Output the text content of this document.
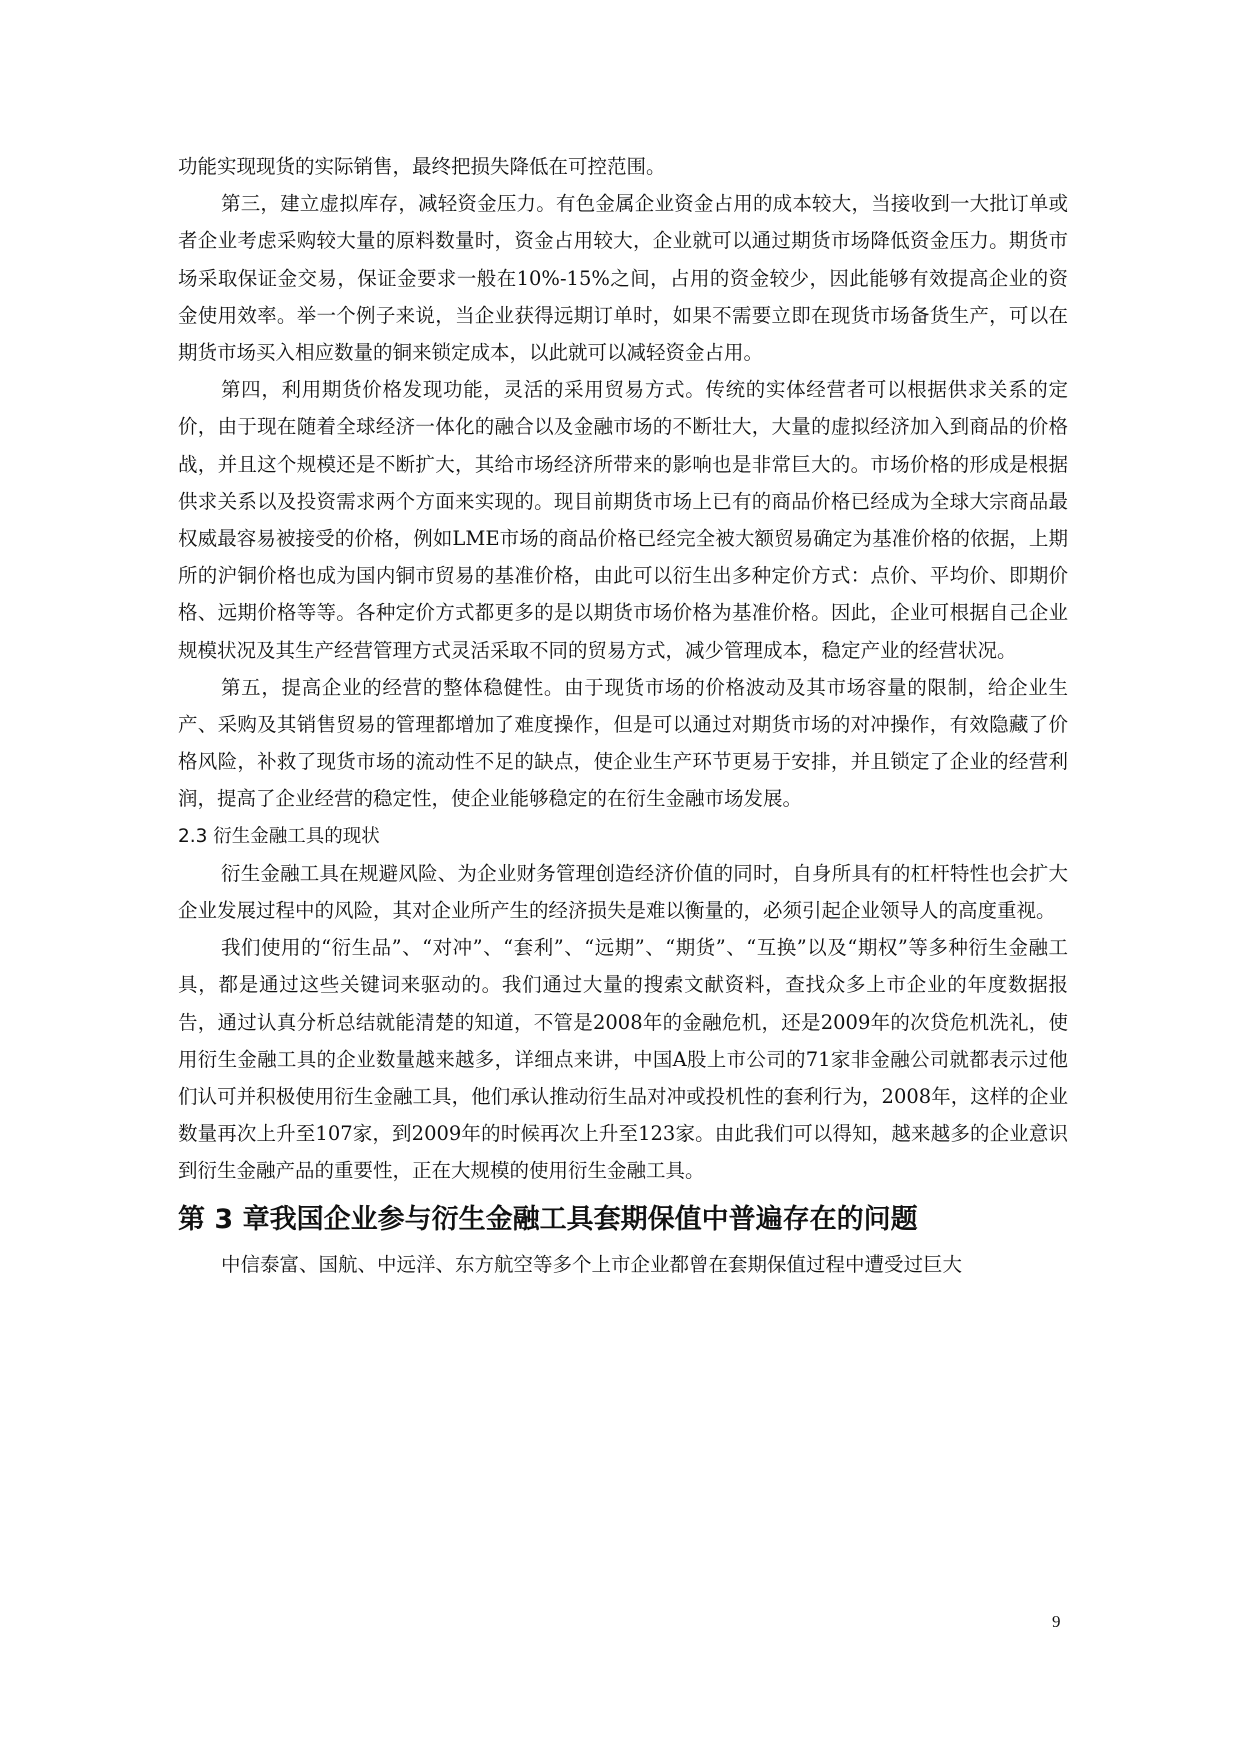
功能实现现货的实际销售，最终把损失降低在可控范围。

第三，建立虚拟库存，减轻资金压力。有色金属企业资金占用的成本较大，当接收到一大批订单或者企业考虑采购较大量的原料数量时，资金占用较大，企业就可以通过期货市场降低资金压力。期货市场采取保证金交易，保证金要求一般在10%-15%之间，占用的资金较少，因此能够有效提高企业的资金使用效率。举一个例子来说，当企业获得远期订单时，如果不需要立即在现货市场备货生产，可以在期货市场买入相应数量的铜来锁定成本，以此就可以减轻资金占用。

第四，利用期货价格发现功能，灵活的采用贸易方式。传统的实体经营者可以根据供求关系的定价，由于现在随着全球经济一体化的融合以及金融市场的不断壮大，大量的虚拟经济加入到商品的价格战，并且这个规模还是不断扩大，其给市场经济所带来的影响也是非常巨大的。市场价格的形成是根据供求关系以及投资需求两个方面来实现的。现目前期货市场上已有的商品价格已经成为全球大宗商品最权威最容易被接受的价格，例如LME市场的商品价格已经完全被大额贸易确定为基准价格的依据，上期所的沪铜价格也成为国内铜市贸易的基准价格，由此可以衍生出多种定价方式：点价、平均价、即期价格、远期价格等等。各种定价方式都更多的是以期货市场价格为基准价格。因此，企业可根据自己企业规模状况及其生产经营管理方式灵活采取不同的贸易方式，减少管理成本，稳定产业的经营状况。

第五，提高企业的经营的整体稳健性。由于现货市场的价格波动及其市场容量的限制，给企业生产、采购及其销售贸易的管理都增加了难度操作，但是可以通过对期货市场的对冲操作，有效隐藏了价格风险，补救了现货市场的流动性不足的缺点，使企业生产环节更易于安排，并且锁定了企业的经营利润，提高了企业经营的稳定性，使企业能够稳定的在衍生金融市场发展。

2.3 衍生金融工具的现状

衍生金融工具在规避风险、为企业财务管理创造经济价值的同时，自身所具有的杠杆特性也会扩大企业发展过程中的风险，其对企业所产生的经济损失是难以衡量的，必须引起企业领导人的高度重视。

我们使用的“衍生品”、“对冲”、“套利”、“远期”、“期货”、“互换”以及“期权”等多种衍生金融工具，都是通过这些关键词来驱动的。我们通过大量的搜索文献资料，查找众多上市企业的年度数据报告，通过认真分析总结就能清楚的知道，不管是2008年的金融危机，还是2009年的次贷危机洗礼，使用衍生金融工具的企业数量越来越多，详细点来讲，中国A股上市公司的71家非金融公司就都表示过他们认可并积极使用衍生金融工具，他们承认推动衍生品对冲或投机性的套利行为，2008年，这样的企业数量再次上升至107家，到2009年的时候再次上升至123家。由此我们可以得知，越来越多的企业意识到衍生金融产品的重要性，正在大规模的使用衍生金融工具。

第 3 章我国企业参与衍生金融工具套期保值中普遍存在的问题

中信泰富、国航、中远洋、东方航空等多个上市企业都曾在套期保值过程中遭受过巨大

9
